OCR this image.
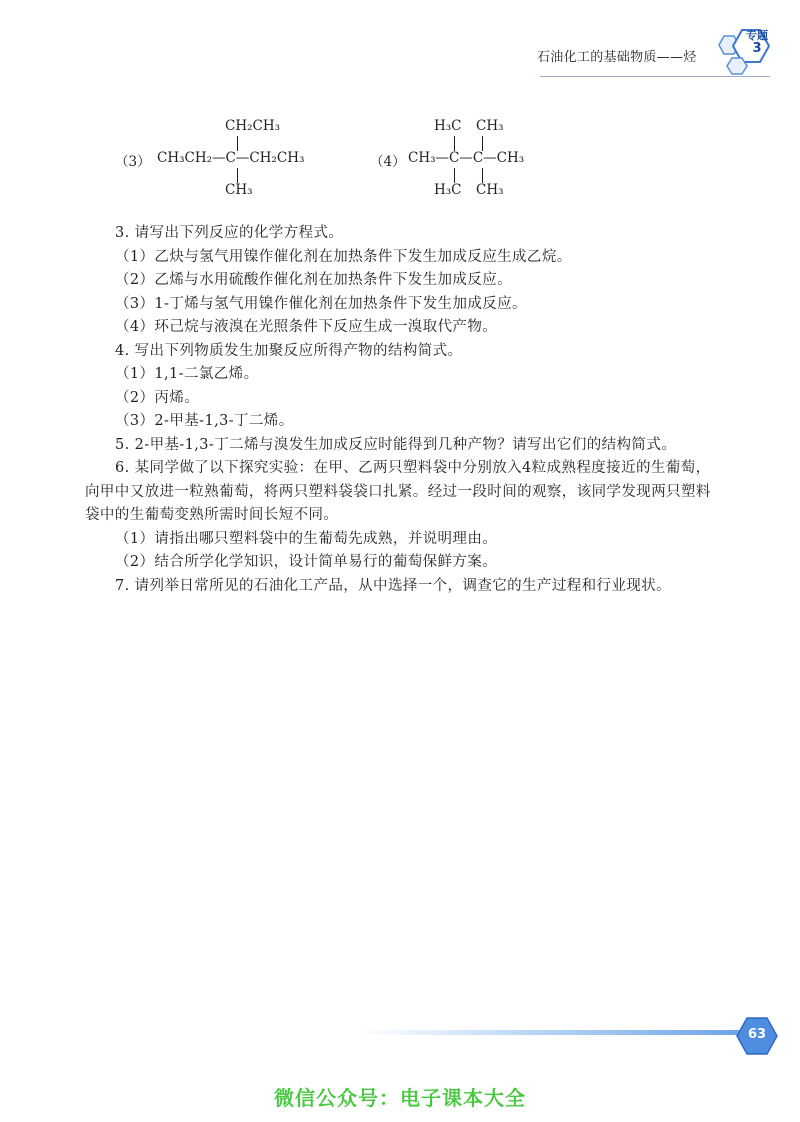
石油化工的基础物质——烃
专题
3
CH₂CH₃
（3） CH₃CH₂—C—CH₂CH₃
CH₃
H₃C CH₃
（4） CH₃—C—C—CH₃
H₃C CH₃

3. 请写出下列反应的化学方程式。

（1）乙炔与氢气用镍作催化剂在加热条件下发生加成反应生成乙烷。

（2）乙烯与水用硫酸作催化剂在加热条件下发生加成反应。

（3）1-丁烯与氢气用镍作催化剂在加热条件下发生加成反应。

（4）环己烷与液溴在光照条件下反应生成一溴取代产物。

4. 写出下列物质发生加聚反应所得产物的结构简式。

（1）1,1-二氯乙烯。

（2）丙烯。

（3）2-甲基-1,3-丁二烯。

5. 2-甲基-1,3-丁二烯与溴发生加成反应时能得到几种产物？请写出它们的结构简式。

6. 某同学做了以下探究实验：在甲、乙两只塑料袋中分别放入4粒成熟程度接近的生葡萄，向甲中又放进一粒熟葡萄，将两只塑料袋袋口扎紧。经过一段时间的观察，该同学发现两只塑料袋中的生葡萄变熟所需时间长短不同。

（1）请指出哪只塑料袋中的生葡萄先成熟，并说明理由。

（2）结合所学化学知识，设计简单易行的葡萄保鲜方案。

7. 请列举日常所见的石油化工产品，从中选择一个，调查它的生产过程和行业现状。

63
微信公众号：电子课本大全
